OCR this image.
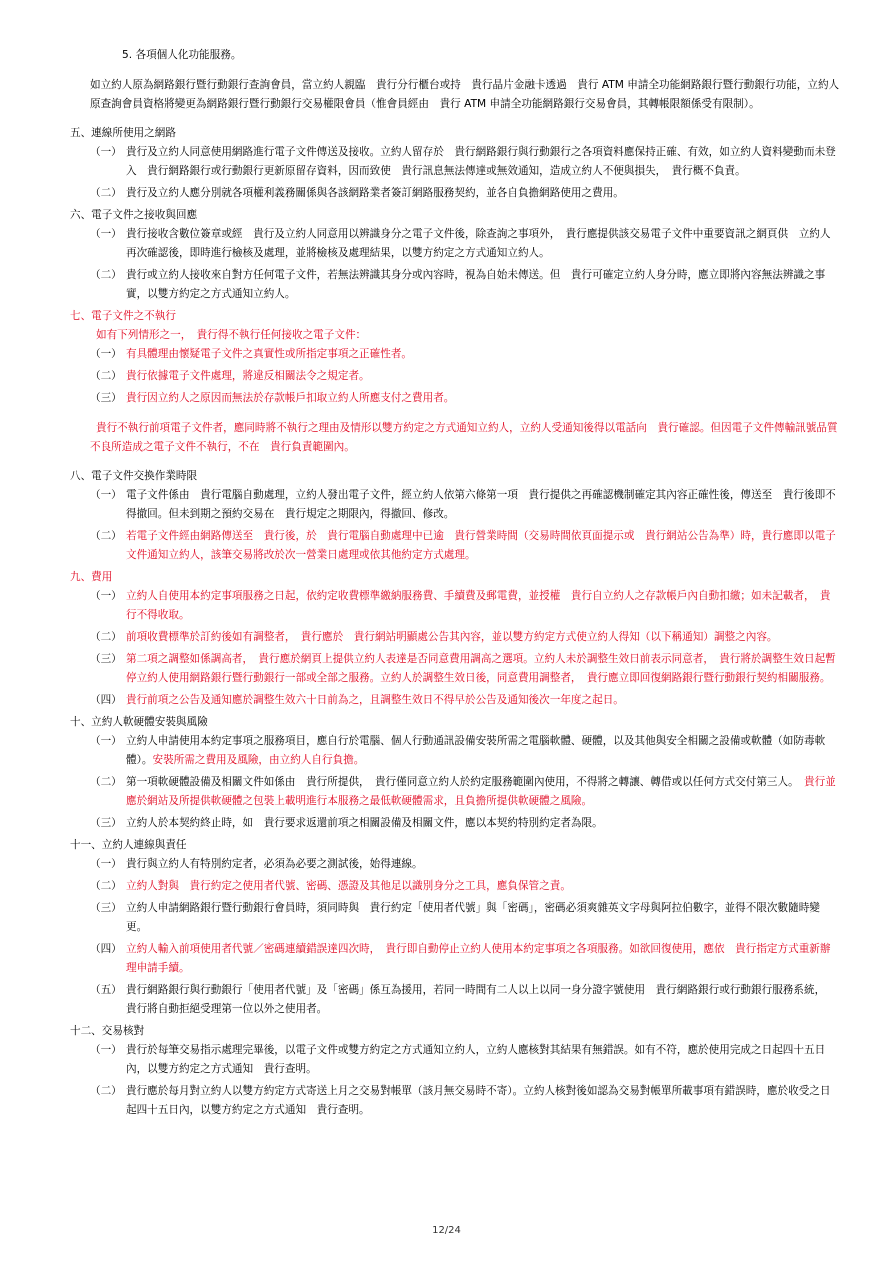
5. 各項個人化功能服務。

如立約人原為網路銀行暨行動銀行查詢會員，當立約人親臨　貴行分行櫃台或持　貴行晶片金融卡透過　貴行 ATM 申請全功能網路銀行暨行動銀行功能，立約人原查詢會員資格將變更為網路銀行暨行動銀行交易權限會員（惟會員經由　貴行 ATM 申請全功能網路銀行交易會員，其轉帳限額係受有限制）。

五、連線所使用之網路

（一） 貴行及立約人同意使用網路進行電子文件傳送及接收。立約人留存於　貴行網路銀行與行動銀行之各項資料應保持正確、有效，如立約人資料變動而未登入　貴行網路銀行或行動銀行更新原留存資料，因而致使　貴行訊息無法傳達或無效通知，造成立約人不便與損失，　貴行概不負責。
（二） 貴行及立約人應分別就各項權利義務關係與各該網路業者簽訂網路服務契約，並各自負擔網路使用之費用。

六、電子文件之接收與回應

（一） 貴行接收含數位簽章或經　貴行及立約人同意用以辨識身分之電子文件後，除查詢之事項外，　貴行應提供該交易電子文件中重要資訊之網頁供　立約人再次確認後，即時進行檢核及處理，並將檢核及處理結果，以雙方約定之方式通知立約人。
（二） 貴行或立約人接收來自對方任何電子文件，若無法辨識其身分或內容時，視為自始未傳送。但　貴行可確定立約人身分時，應立即將內容無法辨識之事實，以雙方約定之方式通知立約人。

七、電子文件之不執行

如有下列情形之一，　貴行得不執行任何接收之電子文件：

（一） 有具體理由懷疑電子文件之真實性或所指定事項之正確性者。
（二） 貴行依據電子文件處理，將違反相關法令之規定者。
（三） 貴行因立約人之原因而無法於存款帳戶扣取立約人所應支付之費用者。

貴行不執行前項電子文件者，應同時將不執行之理由及情形以雙方約定之方式通知立約人，立約人受通知後得以電話向　貴行確認。但因電子文件傳輸訊號品質不良所造成之電子文件不執行，不在　貴行負責範圍內。

八、電子文件交換作業時限

（一） 電子文件係由　貴行電腦自動處理，立約人發出電子文件，經立約人依第六條第一項　貴行提供之再確認機制確定其內容正確性後，傳送至　貴行後即不得撤回。但未到期之預約交易在　貴行規定之期限內，得撤回、修改。
（二） 若電子文件經由網路傳送至　貴行後，於　貴行電腦自動處理中已逾　貴行營業時間（交易時間依頁面提示或　貴行網站公告為準）時，貴行應即以電子文件通知立約人，該筆交易將改於次一營業日處理或依其他約定方式處理。

九、費用

（一） 立約人自使用本約定事項服務之日起，依約定收費標準繳納服務費、手續費及郵電費，並授權　貴行自立約人之存款帳戶內自動扣繳；如未記載者，　貴行不得收取。
（二） 前項收費標準於訂約後如有調整者，　貴行應於　貴行網站明顯處公告其內容，並以雙方約定方式使立約人得知（以下稱通知）調整之內容。
（三） 第二項之調整如係調高者，　貴行應於網頁上提供立約人表達是否同意費用調高之選項。立約人未於調整生效日前表示同意者，　貴行將於調整生效日起暫停立約人使用網路銀行暨行動銀行一部或全部之服務。立約人於調整生效日後，同意費用調整者，　貴行應立即回復網路銀行暨行動銀行契約相關服務。
（四） 貴行前項之公告及通知應於調整生效六十日前為之，且調整生效日不得早於公告及通知後次一年度之起日。

十、立約人軟硬體安裝與風險

（一） 立約人申請使用本約定事項之服務項目，應自行於電腦、個人行動通訊設備安裝所需之電腦軟體、硬體，以及其他與安全相關之設備或軟體（如防毒軟體）。安裝所需之費用及風險，由立約人自行負擔。
（二） 第一項軟硬體設備及相關文件如係由　貴行所提供，　貴行僅同意立約人於約定服務範圍內使用，不得將之轉讓、轉借或以任何方式交付第三人。　貴行並應於網站及所提供軟硬體之包裝上載明進行本服務之最低軟硬體需求，且負擔所提供軟硬體之風險。
（三） 立約人於本契約終止時，如　貴行要求返還前項之相關設備及相關文件，應以本契約特別約定者為限。

十一、立約人連線與責任

（一） 貴行與立約人有特別約定者，必須為必要之測試後，始得連線。
（二） 立約人對與　貴行約定之使用者代號、密碼、憑證及其他足以識別身分之工具，應負保管之責。
（三） 立約人申請網路銀行暨行動銀行會員時，須同時與　貴行約定「使用者代號」與「密碼」，密碼必須爽雜英文字母與阿拉伯數字，並得不限次數隨時變更。
（四） 立約人輸入前項使用者代號／密碼連續錯誤達四次時，　貴行即自動停止立約人使用本約定事項之各項服務。如欲回復使用，應依　貴行指定方式重新辦理申請手續。
（五） 貴行網路銀行與行動銀行「使用者代號」及「密碼」係互為援用，若同一時間有二人以上以同一身分證字號使用　貴行網路銀行或行動銀行服務系統，　貴行將自動拒絕受理第一位以外之使用者。

十二、交易核對

（一） 貴行於每筆交易指示處理完畢後，以電子文件或雙方約定之方式通知立約人，立約人應核對其結果有無錯誤。如有不符，應於使用完成之日起四十五日內，以雙方約定之方式通知　貴行查明。
（二） 貴行應於每月對立約人以雙方約定方式寄送上月之交易對帳單（該月無交易時不寄）。立約人核對後如認為交易對帳單所載事項有錯誤時，應於收受之日起四十五日內，以雙方約定之方式通知　貴行查明。
12/24
